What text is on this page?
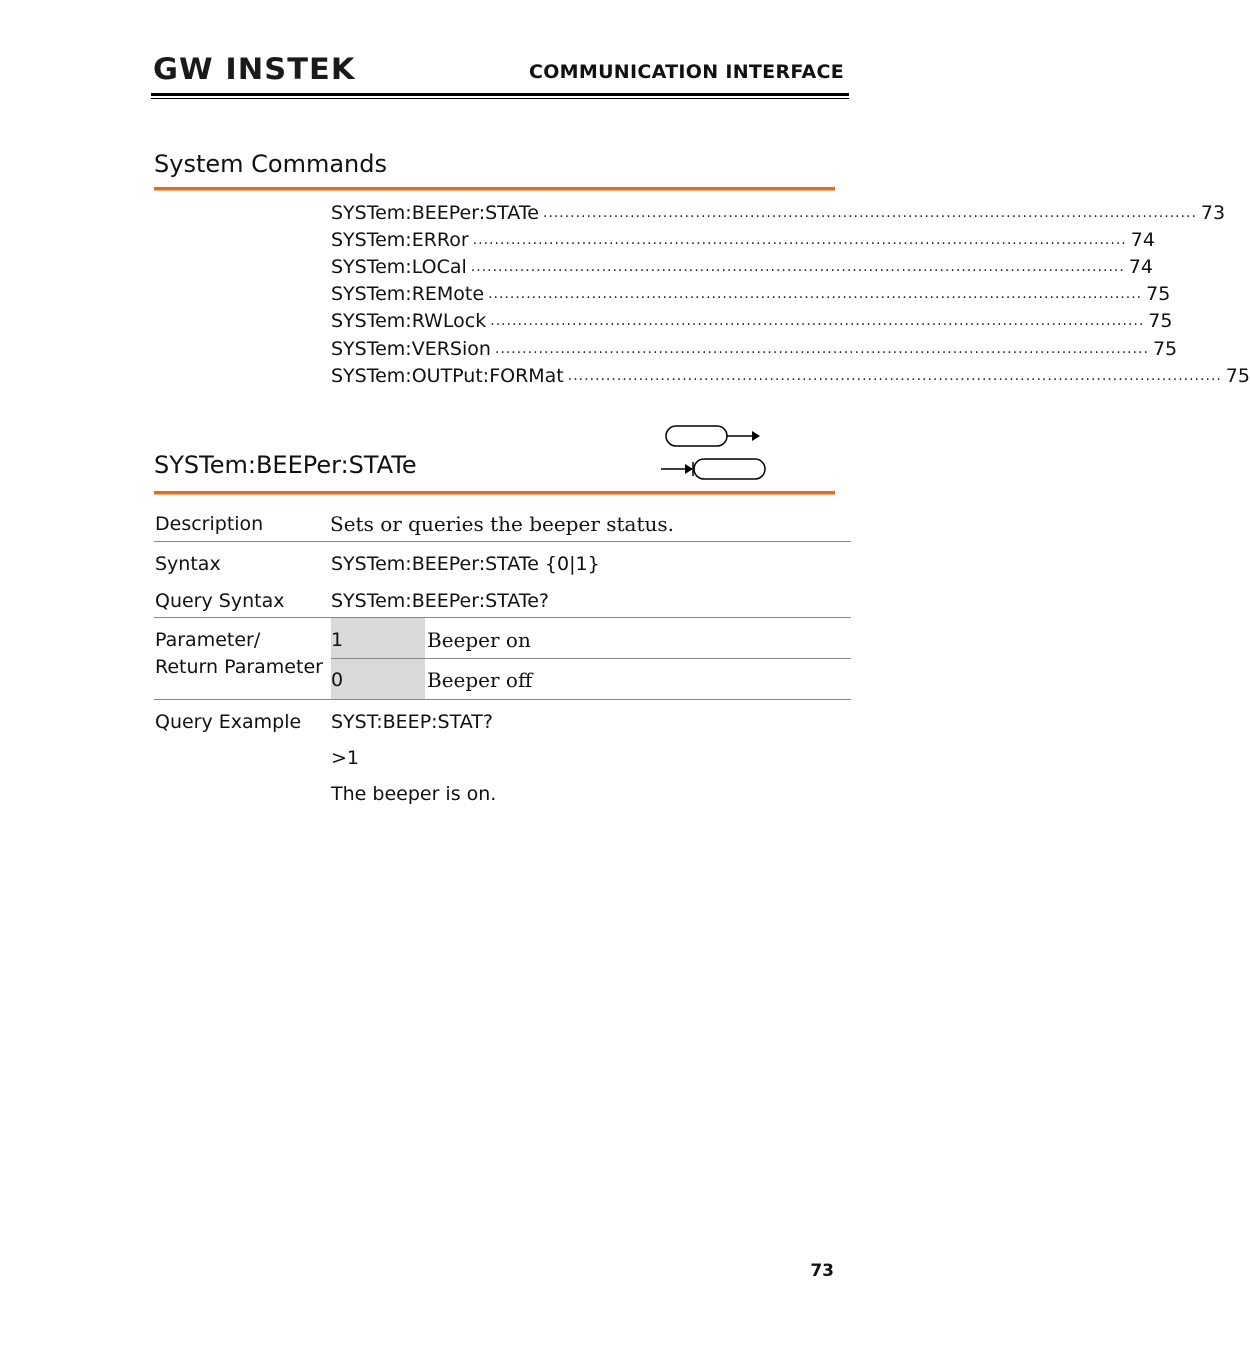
GW INSTEK	COMMUNICATION INTERFACE
System Commands
SYSTem:BEEPer:STATe ........................................................................................................................ 73
SYSTem:ERRor ........................................................................................................................ 74
SYSTem:LOCal ........................................................................................................................ 74
SYSTem:REMote ........................................................................................................................ 75
SYSTem:RWLock ........................................................................................................................ 75
SYSTem:VERSion ........................................................................................................................ 75
SYSTem:OUTPut:FORMat ........................................................................................................................ 75
SYSTem:BEEPer:STATe
Description	Sets or queries the beeper status.
Syntax	SYSTem:BEEPer:STATe {0|1}
Query Syntax SYSTem:BEEPer:STATe?
Parameter/
Return Parameter
1	Beeper on
0	Beeper off
Query Example SYST:BEEP:STAT?
>1
The beeper is on.
73
